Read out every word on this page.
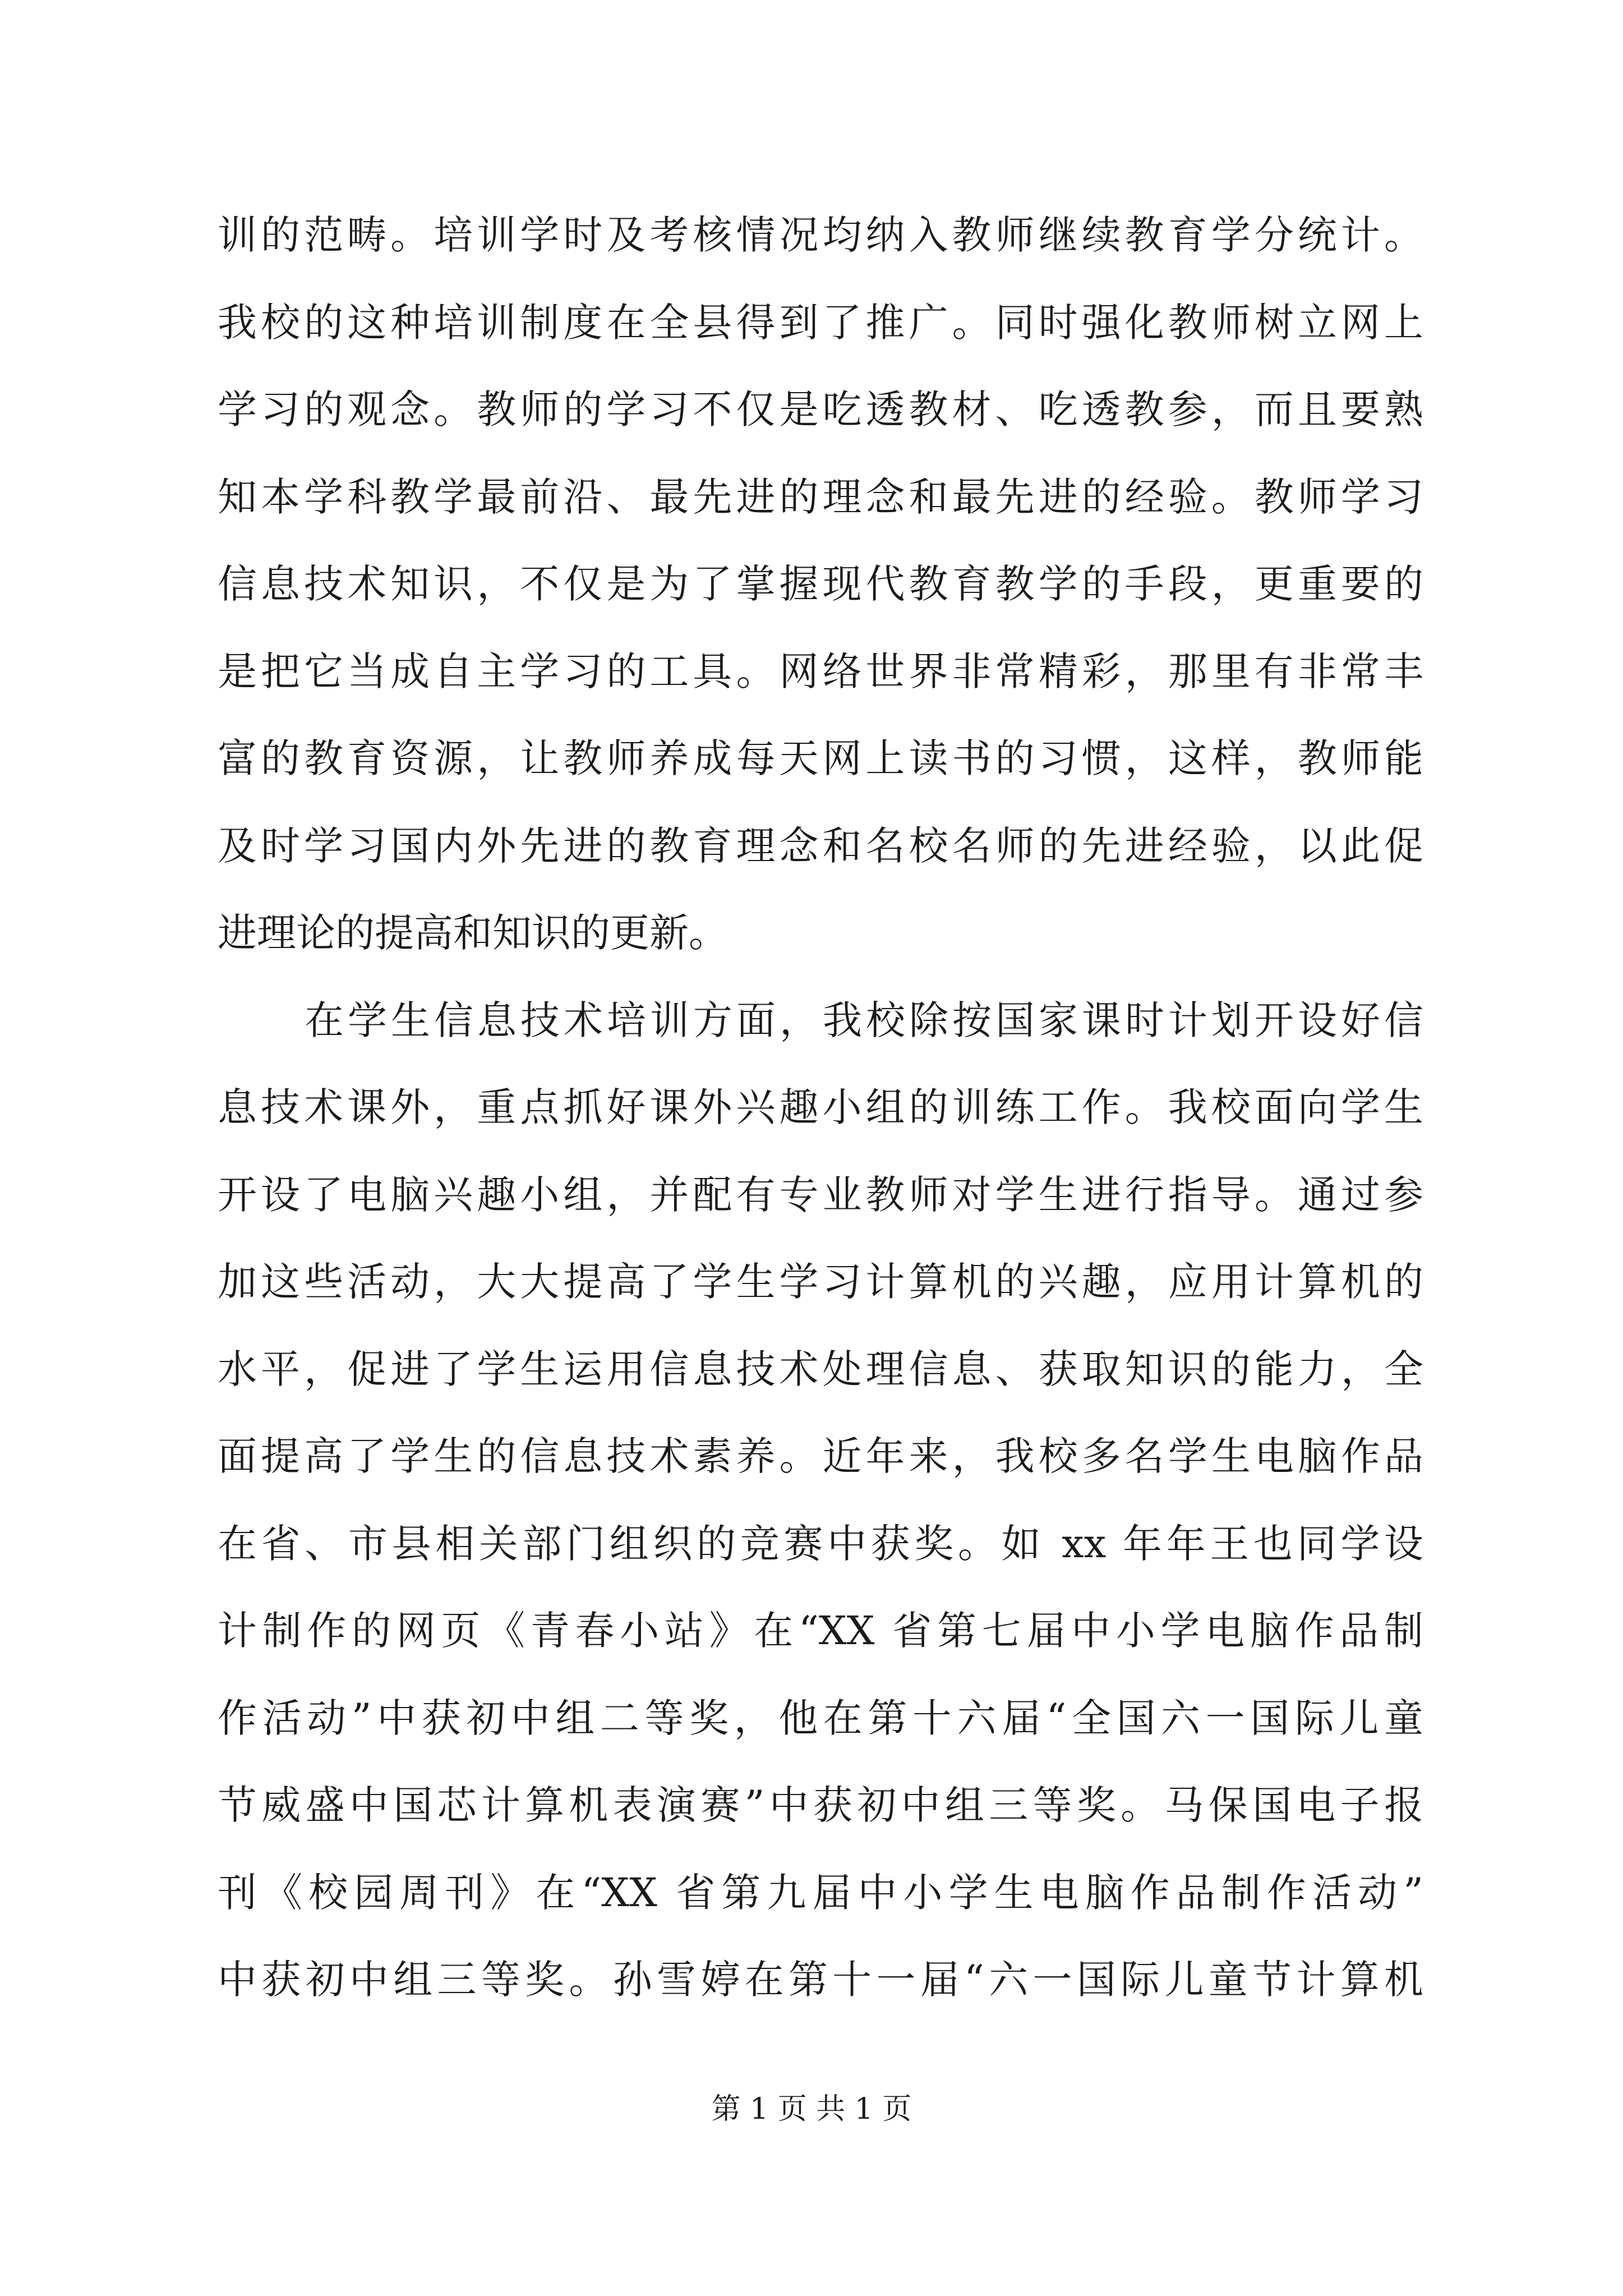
训的范畴。培训学时及考核情况均纳入教师继续教育学分统计。
我校的这种培训制度在全县得到了推广。同时强化教师树立网上
学习的观念。教师的学习不仅是吃透教材、吃透教参，而且要熟
知本学科教学最前沿、最先进的理念和最先进的经验。教师学习
信息技术知识，不仅是为了掌握现代教育教学的手段，更重要的
是把它当成自主学习的工具。网络世界非常精彩，那里有非常丰
富的教育资源，让教师养成每天网上读书的习惯，这样，教师能
及时学习国内外先进的教育理念和名校名师的先进经验，以此促
进理论的提高和知识的更新。
在学生信息技术培训方面，我校除按国家课时计划开设好信
息技术课外，重点抓好课外兴趣小组的训练工作。我校面向学生
开设了电脑兴趣小组，并配有专业教师对学生进行指导。通过参
加这些活动，大大提高了学生学习计算机的兴趣，应用计算机的
水平，促进了学生运用信息技术处理信息、获取知识的能力，全
面提高了学生的信息技术素养。近年来，我校多名学生电脑作品
在省、市县相关部门组织的竞赛中获奖。如 xx 年年王也同学设
计制作的网页《青春小站》在“XX 省第七届中小学电脑作品制
作活动”中获初中组二等奖，他在第十六届“全国六一国际儿童
节威盛中国芯计算机表演赛”中获初中组三等奖。马保国电子报
刊《校园周刊》在“XX 省第九届中小学生电脑作品制作活动”
中获初中组三等奖。孙雪婷在第十一届“六一国际儿童节计算机
第 1 页 共 1 页
